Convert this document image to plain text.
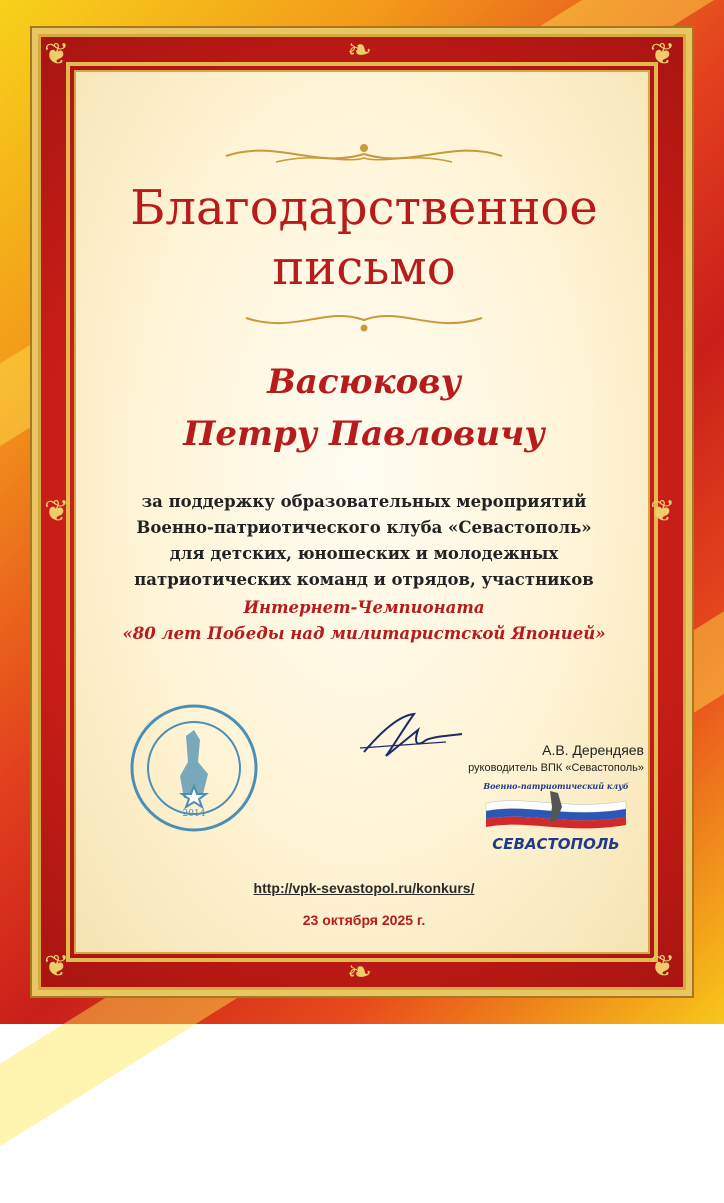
❦	❦
❦	❦
❧
❧
❦	❦
Благодарственное
письмо
Васюкову
Петру Павловичу
за поддержку образовательных мероприятий
Военно-патриотического клуба «Севастополь»
для детских, юношеских и молодежных
патриотических команд и отрядов, участников
Интернет-Чемпионата
«80 лет Победы над милитаристской Японией»
2014
А.В. Дерендяев
руководитель ВПК «Севастополь»
Военно-патриотический клуб
СЕВАСТОПОЛЬ
http://vpk-sevastopol.ru/konkurs/
23 октября 2025 г.
